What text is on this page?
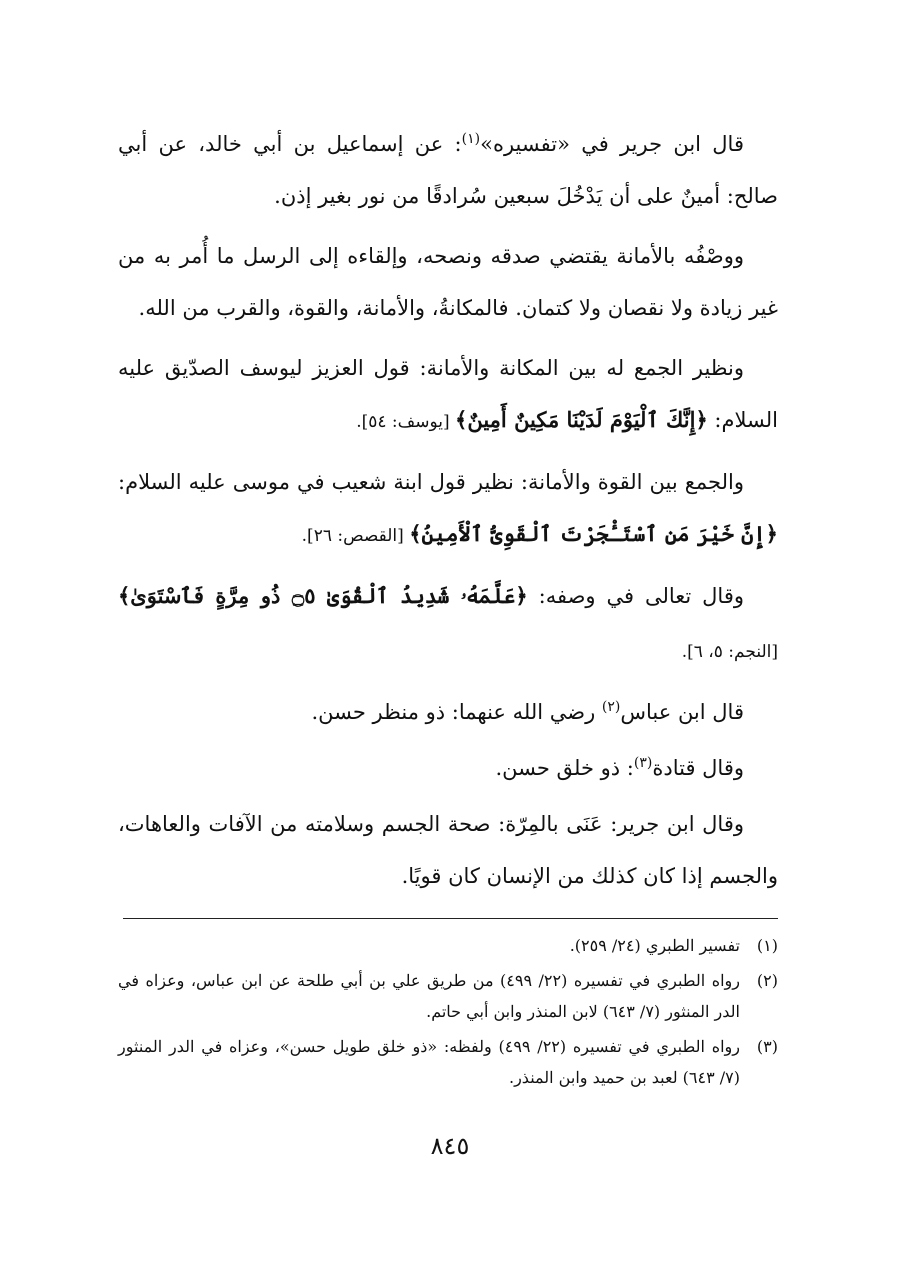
قال ابن جرير في «تفسيره»$^{(١)}$: عن إسماعيل بن أبي خالد، عن أبي صالح: أمينٌ على أن يَدْخُلَ سبعين سُرادقًا من نور بغير إذن.

ووصْفُه بالأمانة يقتضي صدقه ونصحه، وإلقاءه إلى الرسل ما أُمر به من غير زيادة ولا نقصان ولا كتمان. فالمكانةُ، والأمانة، والقوة، والقرب من الله.

ونظير الجمع له بين المكانة والأمانة: قول العزيز ليوسف الصدّيق عليه السلام: ﴿إِنَّكَ ٱلْيَوْمَ لَدَيْنَا مَكِينٌ أَمِينٌ﴾ [يوسف: ٥٤].

والجمع بين القوة والأمانة: نظير قول ابنة شعيب في موسى عليه السلام: ﴿إِنَّ خَيْرَ مَنِ ٱسْتَـْٔجَرْتَ ٱلْقَوِىُّ ٱلْأَمِينُ﴾ [القصص: ٢٦].

وقال تعالى في وصفه: ﴿عَلَّمَهُۥ شَدِيدُ ٱلْقُوَىٰ ۝٥ ذُو مِرَّةٍ فَٱسْتَوَىٰ﴾ [النجم: ٥، ٦].

قال ابن عباس$^{(٢)}$ رضي الله عنهما: ذو منظر حسن.

وقال قتادة$^{(٣)}$: ذو خلق حسن.

وقال ابن جرير: عَنَى بالمِرّة: صحة الجسم وسلامته من الآفات والعاهات، والجسم إذا كان كذلك من الإنسان كان قويًا.

(١)
تفسير الطبري (٢٤/ ٢٥٩).
(٢)
رواه الطبري في تفسيره (٢٢/ ٤٩٩) من طريق علي بن أبي طلحة عن ابن عباس، وعزاه في الدر المنثور (٧/ ٦٤٣) لابن المنذر وابن أبي حاتم.
(٣)
رواه الطبري في تفسيره (٢٢/ ٤٩٩) ولفظه: «ذو خلق طويل حسن»، وعزاه في الدر المنثور (٧/ ٦٤٣) لعبد بن حميد وابن المنذر.
٨٤٥
